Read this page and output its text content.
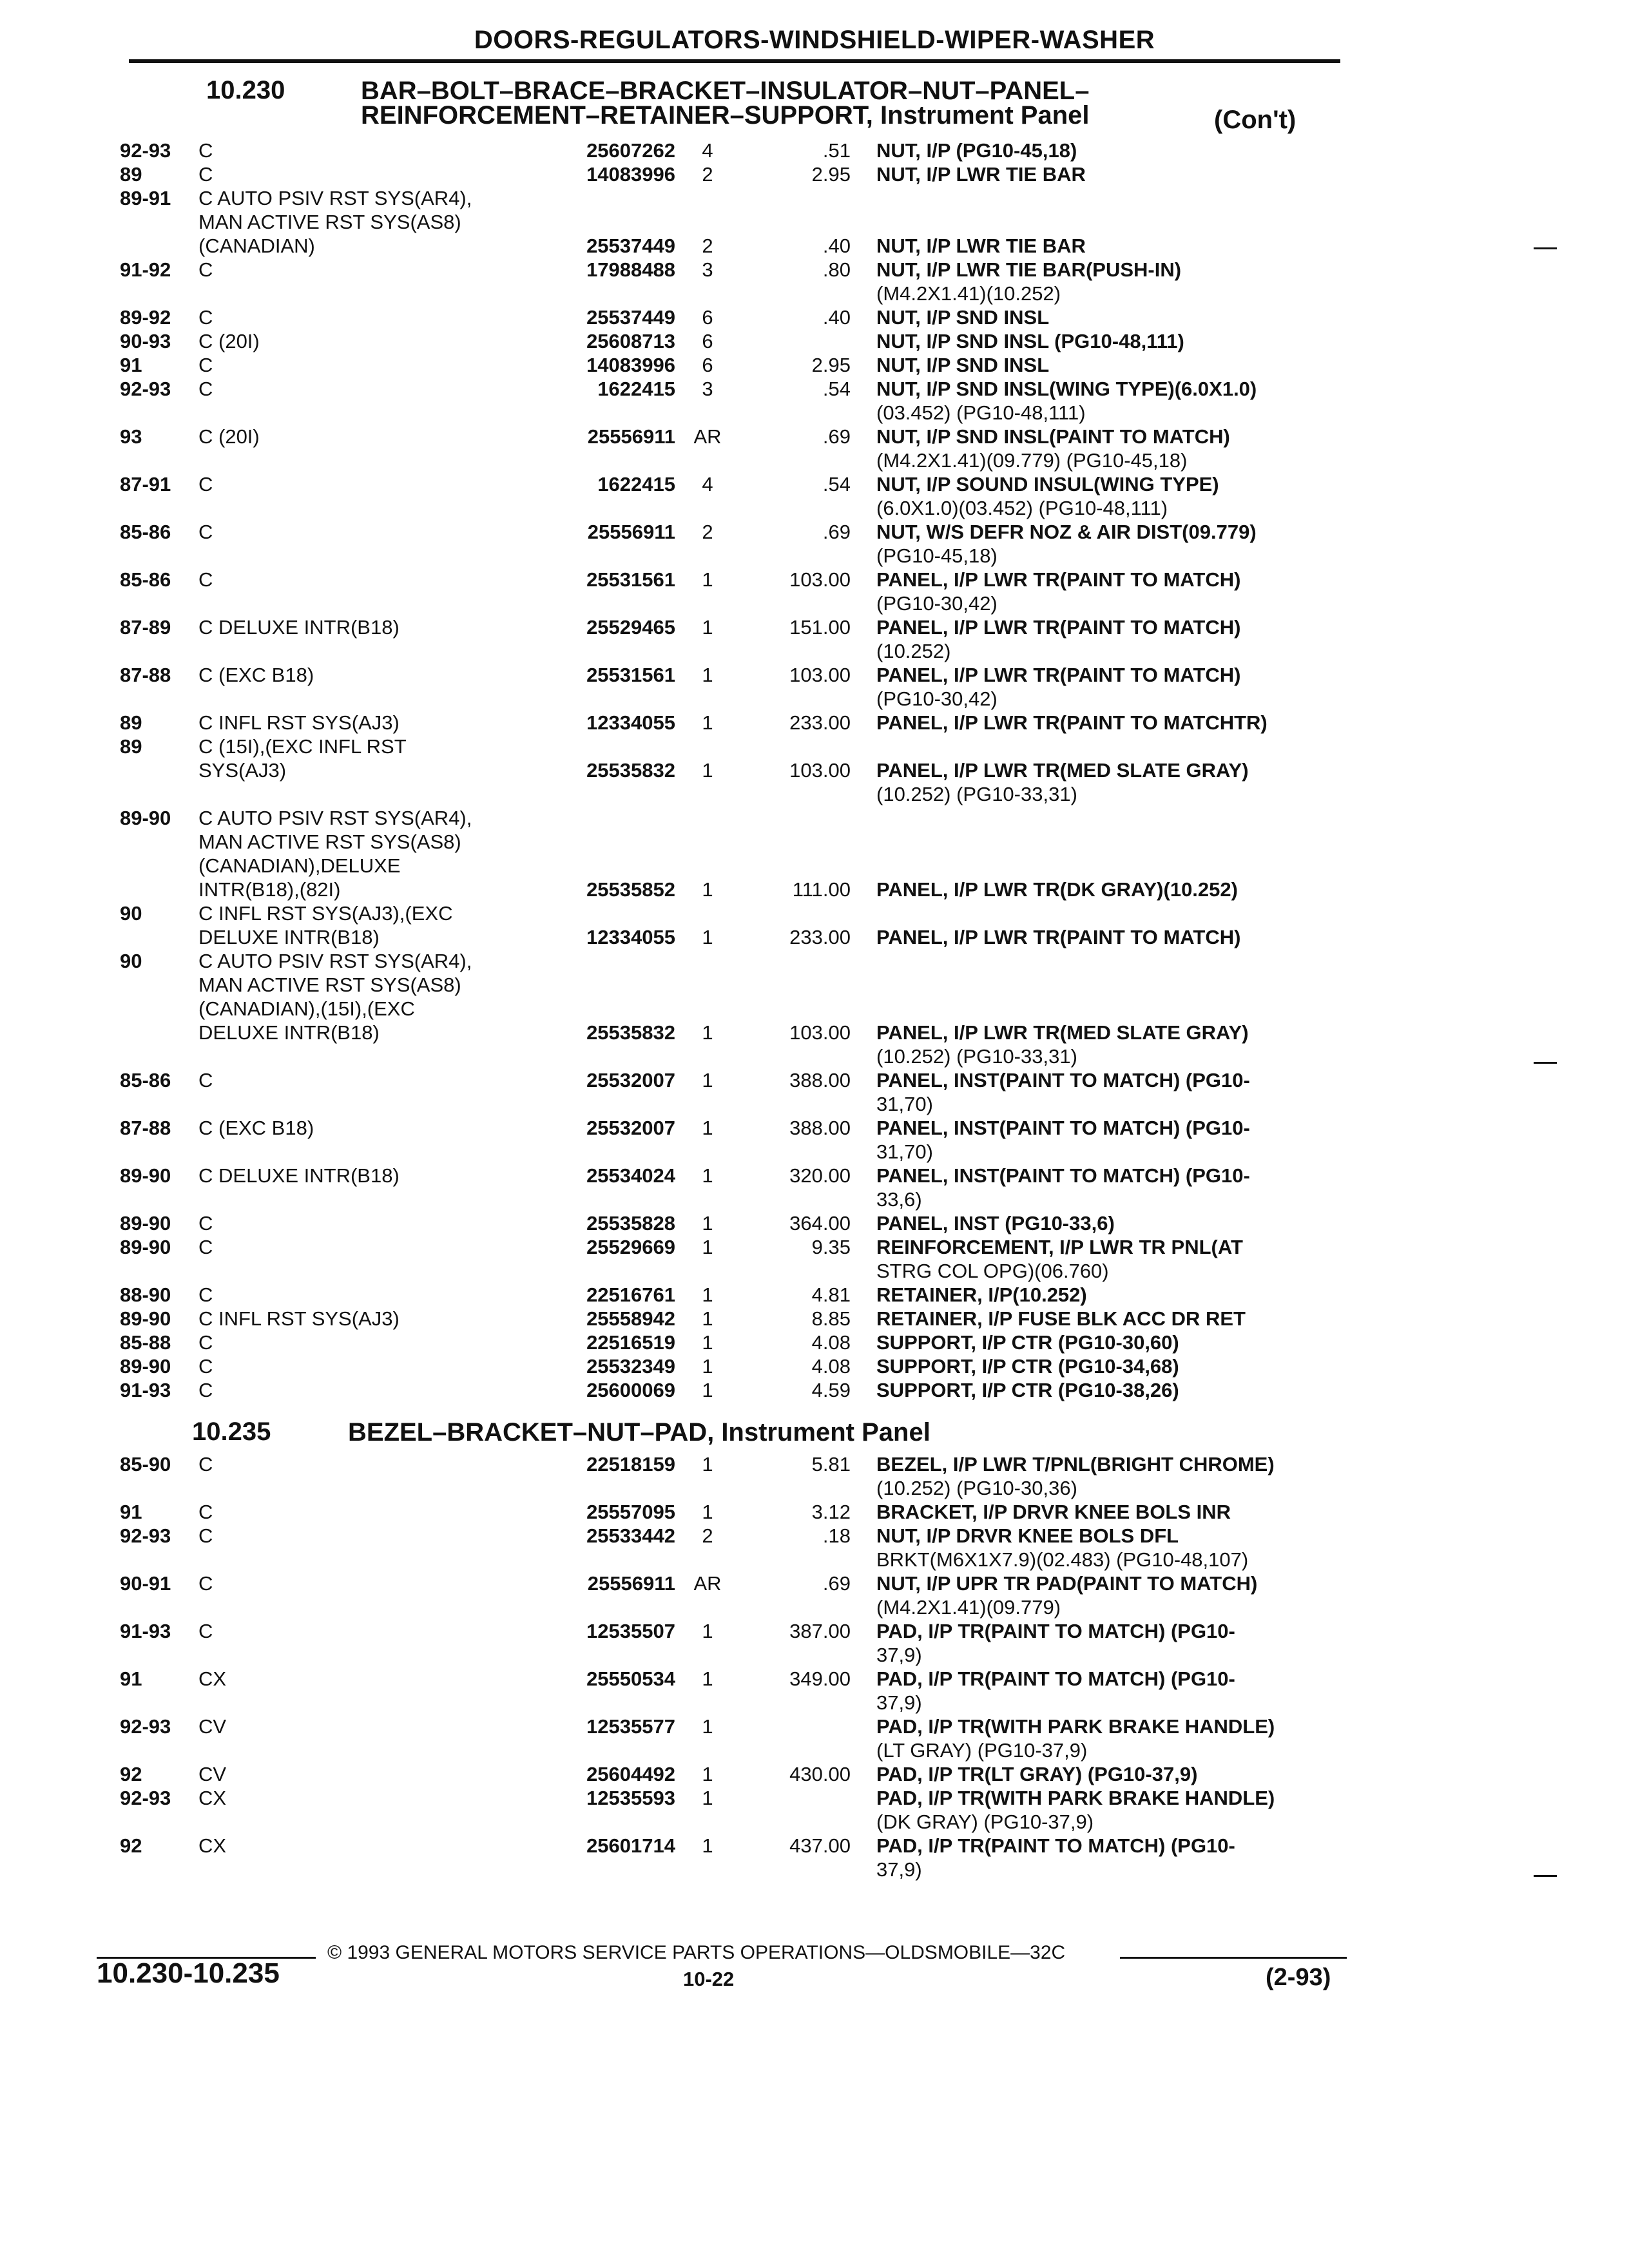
DOORS-REGULATORS-WINDSHIELD-WIPER-WASHER
10.230	BAR–BOLT–BRACE–BRACKET–INSULATOR–NUT–PANEL–
REINFORCEMENT–RETAINER–SUPPORT, Instrument Panel	(Con't)
92-93 C	25607262	4	.51 NUT, I/P (PG10-45,18)
89	C	14083996	2	2.95 NUT, I/P LWR TIE BAR
89-91 C AUTO PSIV RST SYS(AR4),
MAN ACTIVE RST SYS(AS8)
(CANADIAN)	25537449	2	.40 NUT, I/P LWR TIE BAR
91-92 C	17988488	3	.80 NUT, I/P LWR TIE BAR(PUSH-IN)
(M4.2X1.41)(10.252)
89-92 C	25537449	6	.40 NUT, I/P SND INSL
90-93 C (20I)	25608713	6	NUT, I/P SND INSL (PG10-48,111)
91	C	14083996	6	2.95 NUT, I/P SND INSL
92-93 C	1622415	3	.54 NUT, I/P SND INSL(WING TYPE)(6.0X1.0)
(03.452) (PG10-48,111)
93	C (20I)	25556911 AR	.69 NUT, I/P SND INSL(PAINT TO MATCH)
(M4.2X1.41)(09.779) (PG10-45,18)
87-91 C	1622415	4	.54 NUT, I/P SOUND INSUL(WING TYPE)
(6.0X1.0)(03.452) (PG10-48,111)
85-86 C	25556911	2	.69 NUT, W/S DEFR NOZ & AIR DIST(09.779)
(PG10-45,18)
85-86 C	25531561	1	103.00 PANEL, I/P LWR TR(PAINT TO MATCH)
(PG10-30,42)
87-89 C DELUXE INTR(B18)	25529465	1	151.00 PANEL, I/P LWR TR(PAINT TO MATCH)
(10.252)
87-88 C (EXC B18)	25531561	1	103.00 PANEL, I/P LWR TR(PAINT TO MATCH)
(PG10-30,42)
89	C INFL RST SYS(AJ3)	12334055	1	233.00 PANEL, I/P LWR TR(PAINT TO MATCHTR)
89	C (15I),(EXC INFL RST
SYS(AJ3)	25535832	1	103.00 PANEL, I/P LWR TR(MED SLATE GRAY)
(10.252) (PG10-33,31)
89-90 C AUTO PSIV RST SYS(AR4),
MAN ACTIVE RST SYS(AS8)
(CANADIAN),DELUXE
INTR(B18),(82I)	25535852	1	111.00 PANEL, I/P LWR TR(DK GRAY)(10.252)
90	C INFL RST SYS(AJ3),(EXC
DELUXE INTR(B18)	12334055	1	233.00 PANEL, I/P LWR TR(PAINT TO MATCH)
90	C AUTO PSIV RST SYS(AR4),
MAN ACTIVE RST SYS(AS8)
(CANADIAN),(15I),(EXC
DELUXE INTR(B18)	25535832	1	103.00 PANEL, I/P LWR TR(MED SLATE GRAY)
(10.252) (PG10-33,31)
85-86 C	25532007	1	388.00 PANEL, INST(PAINT TO MATCH) (PG10-
31,70)
87-88 C (EXC B18)	25532007	1	388.00 PANEL, INST(PAINT TO MATCH) (PG10-
31,70)
89-90 C DELUXE INTR(B18)	25534024	1	320.00 PANEL, INST(PAINT TO MATCH) (PG10-
33,6)
89-90 C	25535828	1	364.00 PANEL, INST (PG10-33,6)
89-90 C	25529669	1	9.35 REINFORCEMENT, I/P LWR TR PNL(AT
STRG COL OPG)(06.760)
88-90 C	22516761	1	4.81 RETAINER, I/P(10.252)
89-90 C INFL RST SYS(AJ3)	25558942	1	8.85 RETAINER, I/P FUSE BLK ACC DR RET
85-88 C	22516519	1	4.08 SUPPORT, I/P CTR (PG10-30,60)
89-90 C	25532349	1	4.08 SUPPORT, I/P CTR (PG10-34,68)
91-93 C	25600069	1	4.59 SUPPORT, I/P CTR (PG10-38,26)
10.235	BEZEL–BRACKET–NUT–PAD, Instrument Panel
85-90 C	22518159	1	5.81 BEZEL, I/P LWR T/PNL(BRIGHT CHROME)
(10.252) (PG10-30,36)
91	C	25557095	1	3.12 BRACKET, I/P DRVR KNEE BOLS INR
92-93 C	25533442	2	.18 NUT, I/P DRVR KNEE BOLS DFL
BRKT(M6X1X7.9)(02.483) (PG10-48,107)
90-91 C	25556911 AR	.69 NUT, I/P UPR TR PAD(PAINT TO MATCH)
(M4.2X1.41)(09.779)
91-93 C	12535507	1	387.00 PAD, I/P TR(PAINT TO MATCH) (PG10-
37,9)
91	CX	25550534	1	349.00 PAD, I/P TR(PAINT TO MATCH) (PG10-
37,9)
92-93 CV	12535577	1	PAD, I/P TR(WITH PARK BRAKE HANDLE)
(LT GRAY) (PG10-37,9)
92	CV	25604492	1	430.00 PAD, I/P TR(LT GRAY) (PG10-37,9)
92-93 CX	12535593	1	PAD, I/P TR(WITH PARK BRAKE HANDLE)
(DK GRAY) (PG10-37,9)
92	CX	25601714	1	437.00 PAD, I/P TR(PAINT TO MATCH) (PG10-
37,9)
© 1993 GENERAL MOTORS SERVICE PARTS OPERATIONS—OLDSMOBILE—32C
10.230-10.235	10-22	(2-93)
